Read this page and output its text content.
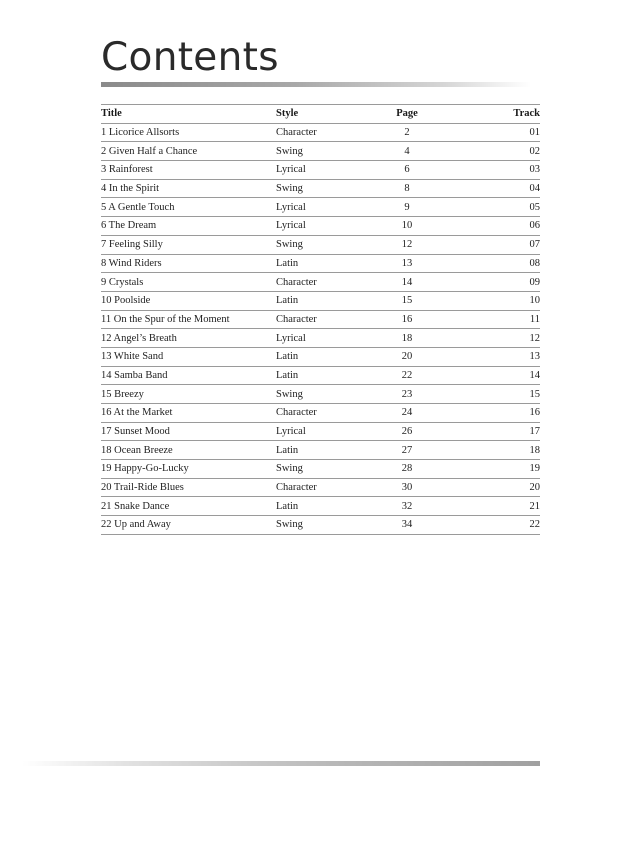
Contents
Title	Style	Page	Track
1 Licorice Allsorts	Character	2	01
2 Given Half a Chance	Swing	4	02
3 Rainforest	Lyrical	6	03
4 In the Spirit	Swing	8	04
5 A Gentle Touch	Lyrical	9	05
6 The Dream	Lyrical	10	06
7 Feeling Silly	Swing	12	07
8 Wind Riders	Latin	13	08
9 Crystals	Character	14	09
10 Poolside	Latin	15	10
11 On the Spur of the Moment	Character	16	11
12 Angel’s Breath	Lyrical	18	12
13 White Sand	Latin	20	13
14 Samba Band	Latin	22	14
15 Breezy	Swing	23	15
16 At the Market	Character	24	16
17 Sunset Mood	Lyrical	26	17
18 Ocean Breeze	Latin	27	18
19 Happy-Go-Lucky	Swing	28	19
20 Trail-Ride Blues	Character	30	20
21 Snake Dance	Latin	32	21
22 Up and Away	Swing	34	22
